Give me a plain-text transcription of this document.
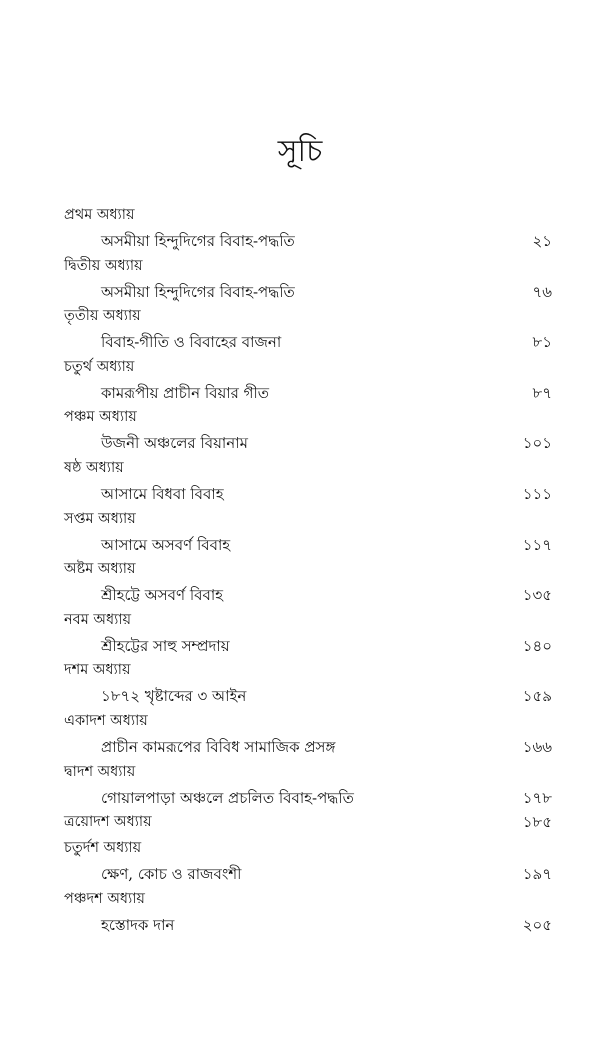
সূচি
প্রথম অধ্যায়
অসমীয়া হিন্দুদিগের বিবাহ-পদ্ধতি	২১
দ্বিতীয় অধ্যায়
অসমীয়া হিন্দুদিগের বিবাহ-পদ্ধতি	৭৬
তৃতীয় অধ্যায়
বিবাহ-গীতি ও বিবাহের বাজনা	৮১
চতুর্থ অধ্যায়
কামরূপীয় প্রাচীন বিয়ার গীত	৮৭
পঞ্চম অধ্যায়
উজনী অঞ্চলের বিয়ানাম	১০১
ষষ্ঠ অধ্যায়
আসামে বিধবা বিবাহ	১১১
সপ্তম অধ্যায়
আসামে অসবর্ণ বিবাহ	১১৭
অষ্টম অধ্যায়
শ্রীহট্টে অসবর্ণ বিবাহ	১৩৫
নবম অধ্যায়
শ্রীহট্টের সাহু সম্প্রদায়	১৪০
দশম অধ্যায়
১৮৭২ খৃষ্টাব্দের ৩ আইন	১৫৯
একাদশ অধ্যায়
প্রাচীন কামরূপের বিবিধ সামাজিক প্রসঙ্গ	১৬৬
দ্বাদশ অধ্যায়
গোয়ালপাড়া অঞ্চলে প্রচলিত বিবাহ-পদ্ধতি	১৭৮
ত্রয়োদশ অধ্যায়	১৮৫
চতুর্দশ অধ্যায়
ক্ষেণ, কোচ ও রাজবংশী	১৯৭
পঞ্চদশ অধ্যায়
হস্তোদক দান	২০৫
